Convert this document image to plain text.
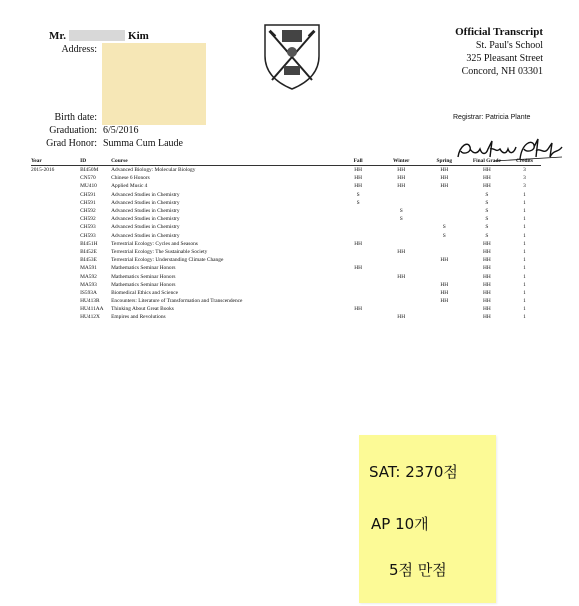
Mr.	Kim
Address:
Birth date:
Graduation: 6/5/2016
Grad Honor: Summa Cum Laude
Official Transcript
St. Paul's School
325 Pleasant Street
Concord, NH 03301
Registrar: Patricia Plante
Year	ID	Course	Fall	Winter	Spring	Final Grade	Credits
2015-2016	BI450M	Advanced Biology: Molecular Biology	HH	HH	HH	HH	3
	CN570	Chinese 6 Honors	HH	HH	HH	HH	3
	MU410	Applied Music 4	HH	HH	HH	HH	3
	CH591	Advanced Studies in Chemistry	S			S	1
	CH591	Advanced Studies in Chemistry	S			S	1
	CH592	Advanced Studies in Chemistry		S		S	1
	CH592	Advanced Studies in Chemistry		S		S	1
	CH593	Advanced Studies in Chemistry			S	S	1
	CH593	Advanced Studies in Chemistry			S	S	1
	BI451H	Terrestrial Ecology: Cycles and Seasons	HH			HH	1
	BI452E	Terrestrial Ecology: The Sustainable Society		HH		HH	1
	BI453E	Terrestrial Ecology: Understanding Climate Change			HH	HH	1
	MA591	Mathematics Seminar Honors	HH			HH	1
	MA592	Mathematics Seminar Honors		HH		HH	1
	MA593	Mathematics Seminar Honors			HH	HH	1
	IS593A	Biomedical Ethics and Science			HH	HH	1
	HU413R	Encounters: Literature of Transformation and Transcendence			HH	HH	1
	HU411AA	Thinking About Great Books	HH			HH	1
	HU412X	Empires and Revolutions		HH		HH	1
SAT: 2370점
AP 10개
5점 만점
